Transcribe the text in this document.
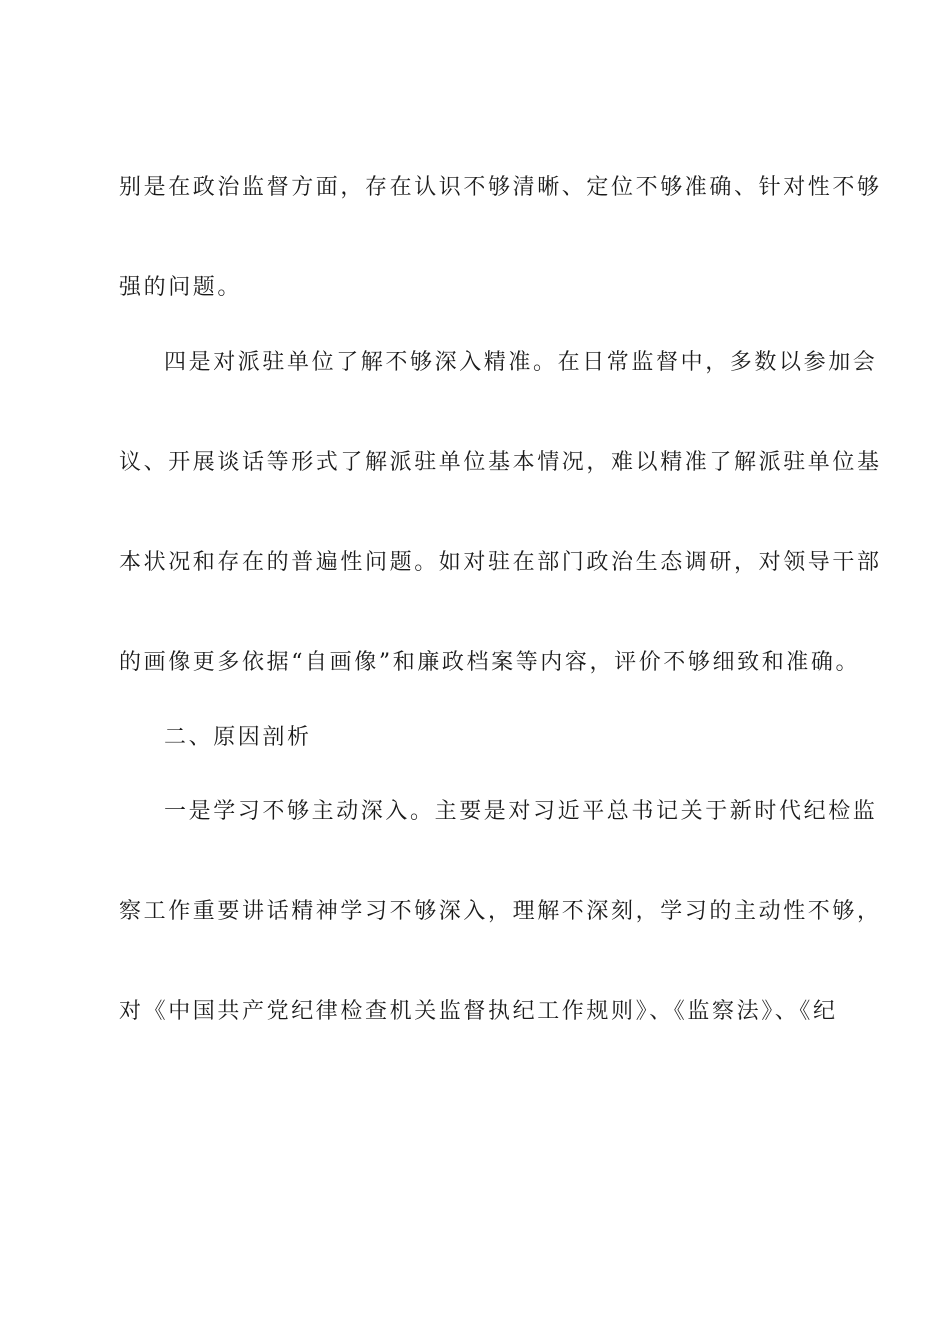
别是在政治监督方面，存在认识不够清晰、定位不够准确、针对性不够
强的问题。
四是对派驻单位了解不够深入精准。在日常监督中，多数以参加会
议、开展谈话等形式了解派驻单位基本情况，难以精准了解派驻单位基
本状况和存在的普遍性问题。如对驻在部门政治生态调研，对领导干部
的画像更多依据“自画像”和廉政档案等内容，评价不够细致和准确。
二、原因剖析
一是学习不够主动深入。主要是对习近平总书记关于新时代纪检监
察工作重要讲话精神学习不够深入，理解不深刻，学习的主动性不够，
对《中国共产党纪律检查机关监督执纪工作规则》、《监察法》、《纪
